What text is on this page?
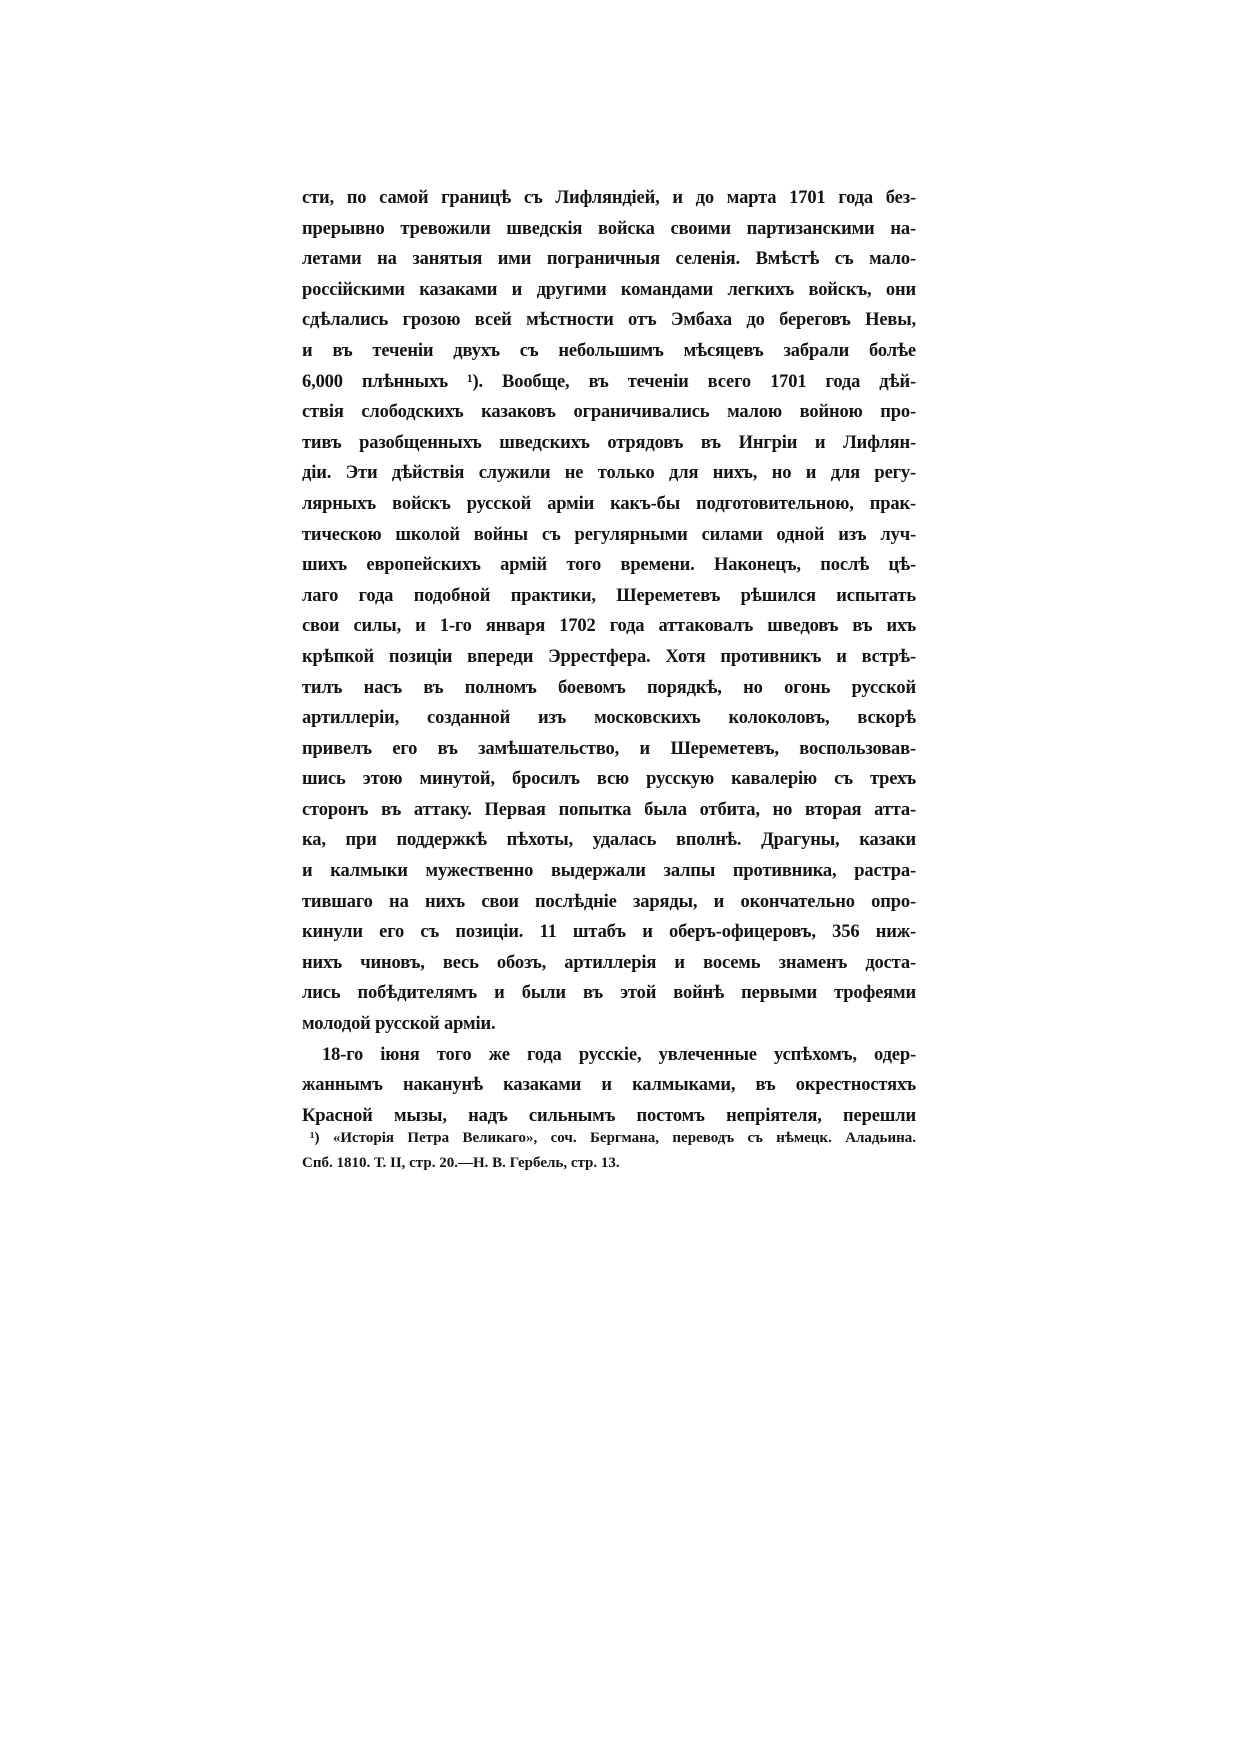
сти, по самой границѣ съ Лифляндіей, и до марта 1701 года без-
прерывно тревожили шведскія войска своими партизанскими на-
летами на занятыя ими пограничныя селенія. Вмѣстѣ съ мало-
россійскими казаками и другими командами легкихъ войскъ, они
сдѣлались грозою всей мѣстности отъ Эмбаха до береговъ Невы,
и въ теченіи двухъ съ небольшимъ мѣсяцевъ забрали болѣе
6,000 плѣнныхъ ¹). Вообще, въ теченіи всего 1701 года дѣй-
ствія слободскихъ казаковъ ограничивались малою войною про-
тивъ разобщенныхъ шведскихъ отрядовъ въ Ингріи и Лифлян-
діи. Эти дѣйствія служили не только для нихъ, но и для регу-
лярныхъ войскъ русской арміи какъ-бы подготовительною, прак-
тическою школой войны съ регулярными силами одной изъ луч-
шихъ европейскихъ армій того времени. Наконецъ, послѣ цѣ-
лаго года подобной практики, Шереметевъ рѣшился испытать
свои силы, и 1-го января 1702 года аттаковалъ шведовъ въ ихъ
крѣпкой позиціи впереди Эррестфера. Хотя противникъ и встрѣ-
тилъ насъ въ полномъ боевомъ порядкѣ, но огонь русской
артиллеріи, созданной изъ московскихъ колоколовъ, вскорѣ
привелъ его въ замѣшательство, и Шереметевъ, воспользовав-
шись этою минутой, бросилъ всю русскую кавалерію съ трехъ
сторонъ въ аттаку. Первая попытка была отбита, но вторая атта-
ка, при поддержкѣ пѣхоты, удалась вполнѣ. Драгуны, казаки
и калмыки мужественно выдержали залпы противника, растра-
тившаго на нихъ свои послѣдніе заряды, и окончательно опро-
кинули его съ позиціи. 11 штабъ и оберъ-офицеровъ, 356 ниж-
нихъ чиновъ, весь обозъ, артиллерія и восемь знаменъ доста-
лись побѣдителямъ и были въ этой войнѣ первыми трофеями
молодой русской арміи.
18-го іюня того же года русскіе, увлеченные успѣхомъ, одер-
жаннымъ наканунѣ казаками и калмыками, въ окрестностяхъ
Красной мызы, надъ сильнымъ постомъ непріятеля, перешли
¹) «Исторія Петра Великаго», соч. Бергмана, переводъ съ нѣмецк. Аладьина.
Спб. 1810. Т. II, стр. 20.—Н. В. Гербель, стр. 13.
